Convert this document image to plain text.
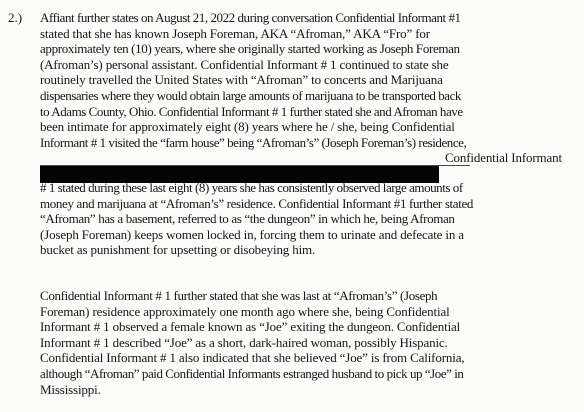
2.) Affiant further states on August 21, 2022 during conversation Confidential Informant #1
stated that she has known Joseph Foreman, AKA “Afroman,” AKA “Fro” for
approximately ten (10) years, where she originally started working as Joseph Foreman
(Afroman’s) personal assistant. Confidential Informant # 1 continued to state she
routinely travelled the United States with “Afroman” to concerts and Marijuana
dispensaries where they would obtain large amounts of marijuana to be transported back
to Adams County, Ohio. Confidential Informant # 1 further stated she and Afroman have
been intimate for approximately eight (8) years where he / she, being Confidential
Informant # 1 visited the “farm house” being “Afroman’s” (Joseph Foreman’s) residence,
Confidential Informant
# 1 stated during these last eight (8) years she has consistently observed large amounts of
money and marijuana at “Afroman’s” residence. Confidential Informant #1 further stated
“Afroman” has a basement, referred to as “the dungeon” in which he, being Afroman
(Joseph Foreman) keeps women locked in, forcing them to urinate and defecate in a
bucket as punishment for upsetting or disobeying him.
Confidential Informant # 1 further stated that she was last at “Afroman’s” (Joseph
Foreman) residence approximately one month ago where she, being Confidential
Informant # 1 observed a female known as “Joe” exiting the dungeon. Confidential
Informant # 1 described “Joe” as a short, dark-haired woman, possibly Hispanic.
Confidential Informant # 1 also indicated that she believed “Joe” is from California,
although “Afroman” paid Confidential Informants estranged husband to pick up “Joe” in
Mississippi.
